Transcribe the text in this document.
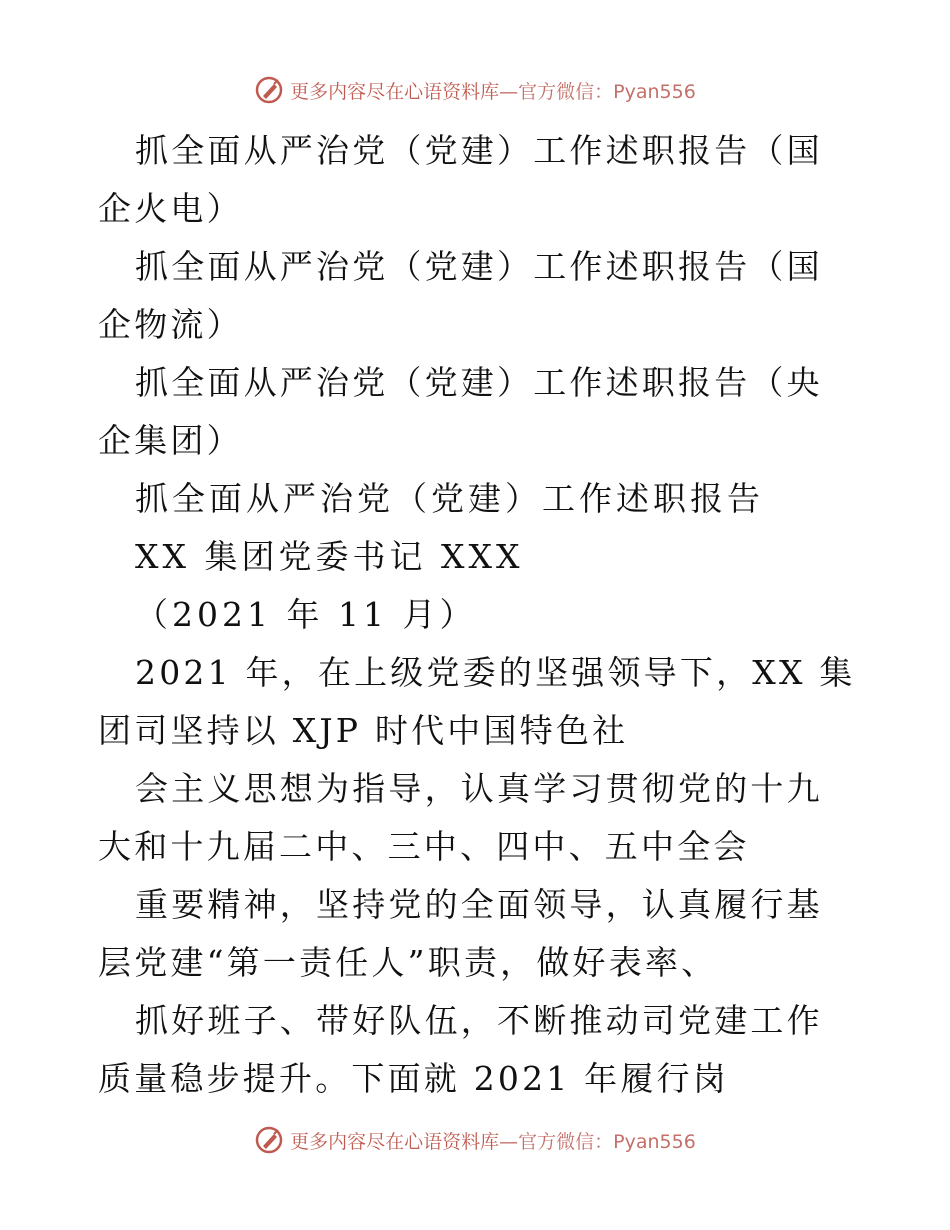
更多内容尽在心语资料库 —官方微信：Pyan556

抓全面从严治党（党建）工作述职报告（国企火电）

抓全面从严治党（党建）工作述职报告（国企物流）

抓全面从严治党（党建）工作述职报告（央企集团）

抓全面从严治党（党建）工作述职报告

XX 集团党委书记 XXX

（2021 年 11 月）

2021 年，在上级党委的坚强领导下，XX 集团司坚持以 XJP 时代中国特色社

会主义思想为指导，认真学习贯彻党的十九大和十九届二中、三中、四中、五中全会

重要精神，坚持党的全面领导，认真履行基层党建“第一责任人”职责，做好表率、

抓好班子、带好队伍，不断推动司党建工作质量稳步提升。下面就 2021 年履行岗

更多内容尽在心语资料库 —官方微信：Pyan556
